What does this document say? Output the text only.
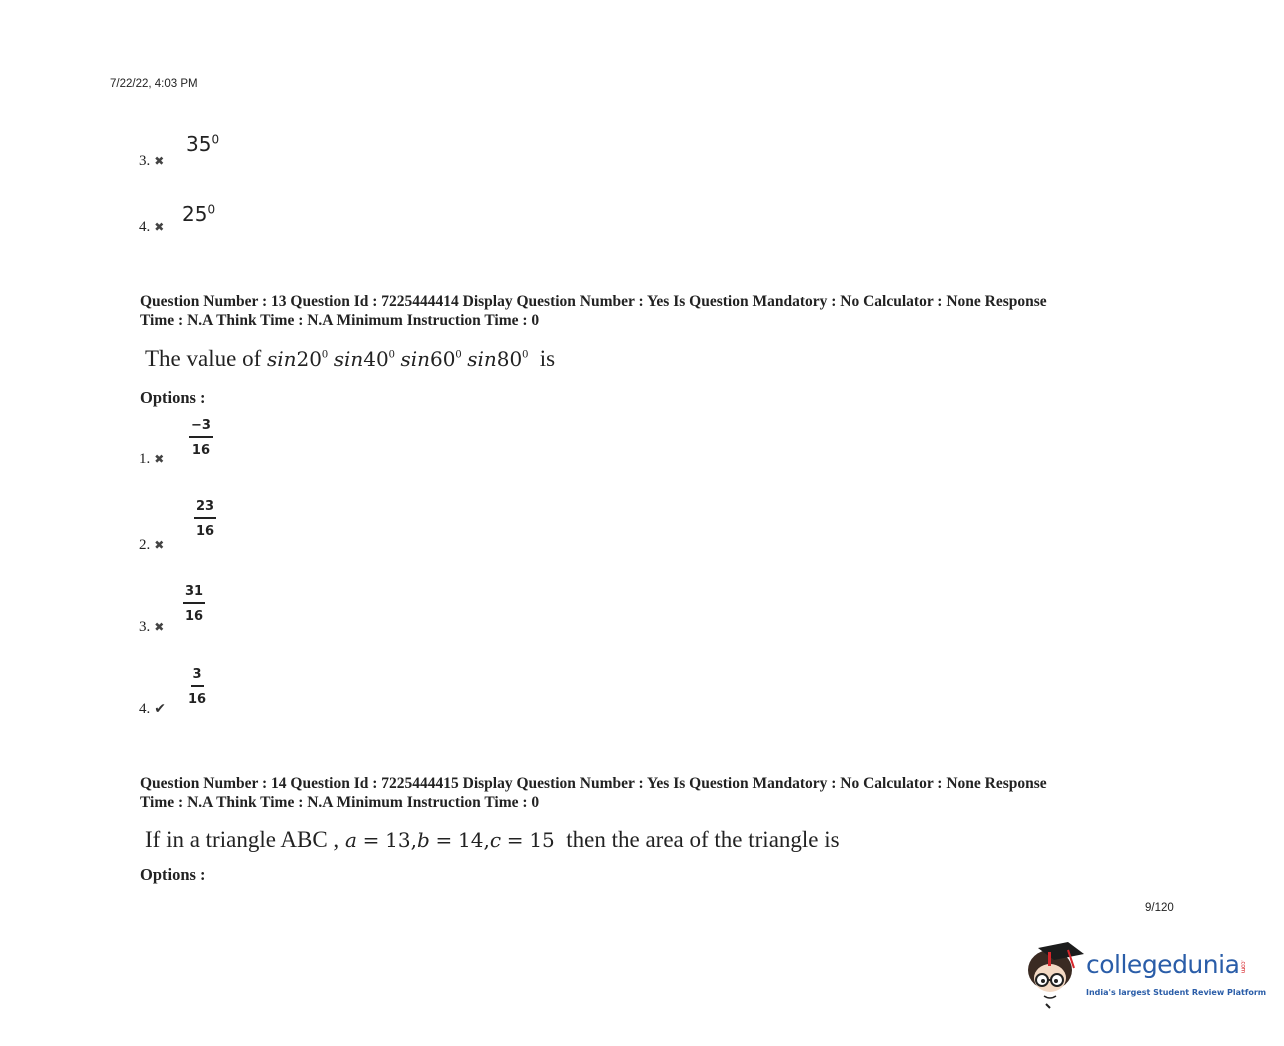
7/22/22, 4:03 PM
3. ✖
$35^0$
4. ✖
$25^0$
Question Number : 13 Question Id : 7225444414 Display Question Number : Yes Is Question Mandatory : No Calculator : None Response
Time : N.A Think Time : N.A Minimum Instruction Time : 0
The value of $\sin 20^0$ $\sin 40^0$ $\sin 60^0$ $\sin 80^0$ is
Options :
1. ✖
$\frac{-3}{16}$
2. ✖
$\frac{23}{16}$
3. ✖
$\frac{31}{16}$
4. ✔
$\frac{3}{16}$
Question Number : 14 Question Id : 7225444415 Display Question Number : Yes Is Question Mandatory : No Calculator : None Response
Time : N.A Think Time : N.A Minimum Instruction Time : 0
If in a triangle ABC , a = 13,b = 14,c = 15 then the area of the triangle is
Options :
9/120
collegedunia.com
India's largest Student Review Platform
